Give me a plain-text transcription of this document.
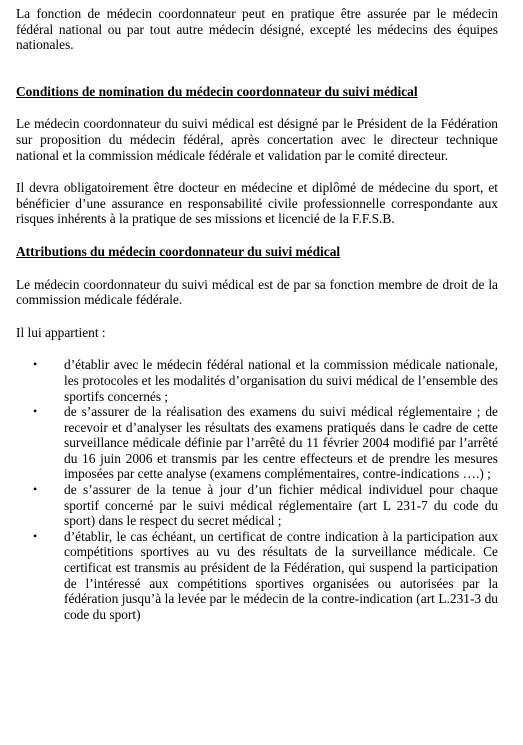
La fonction de médecin coordonnateur peut en pratique être assurée par le médecin fédéral national ou par tout autre médecin désigné, excepté les médecins des équipes nationales.

Conditions de nomination du médecin coordonnateur du suivi médical

Le médecin coordonnateur du suivi médical est désigné par le Président de la Fédération sur proposition du médecin fédéral, après concertation avec le directeur technique national et la commission médicale fédérale et validation par le comité directeur.

Il devra obligatoirement être docteur en médecine et diplômé de médecine du sport, et bénéficier d’une assurance en responsabilité civile professionnelle correspondante aux risques inhérents à la pratique de ses missions et licencié de la F.F.S.B.

Attributions du médecin coordonnateur du suivi médical

Le médecin coordonnateur du suivi médical est de par sa fonction membre de droit de la commission médicale fédérale.

Il lui appartient :

•	d’établir avec le médecin fédéral national et la commission médicale nationale, les protocoles et les modalités d’organisation du suivi médical de l’ensemble des sportifs concernés ;

•	de s’assurer de la réalisation des examens du suivi médical réglementaire ; de recevoir et d’analyser les résultats des examens pratiqués dans le cadre de cette surveillance médicale définie par l’arrêté du 11 février 2004 modifié par l’arrêté du 16 juin 2006 et transmis par les centre effecteurs et de prendre les mesures imposées par cette analyse (examens complémentaires, contre-indications ….) ;

•	de s’assurer de la tenue à jour d’un fichier médical individuel pour chaque sportif concerné par le suivi médical réglementaire (art L 231-7 du code du sport) dans le respect du secret médical ;

•	d’établir, le cas échéant, un certificat de contre indication à la participation aux compétitions sportives au vu des résultats de la surveillance médicale. Ce certificat est transmis au président de la Fédération, qui suspend la participation de l’intéressé aux compétitions sportives organisées ou autorisées par la fédération jusqu’à la levée par le médecin de la contre-indication (art L.231-3 du code du sport)
